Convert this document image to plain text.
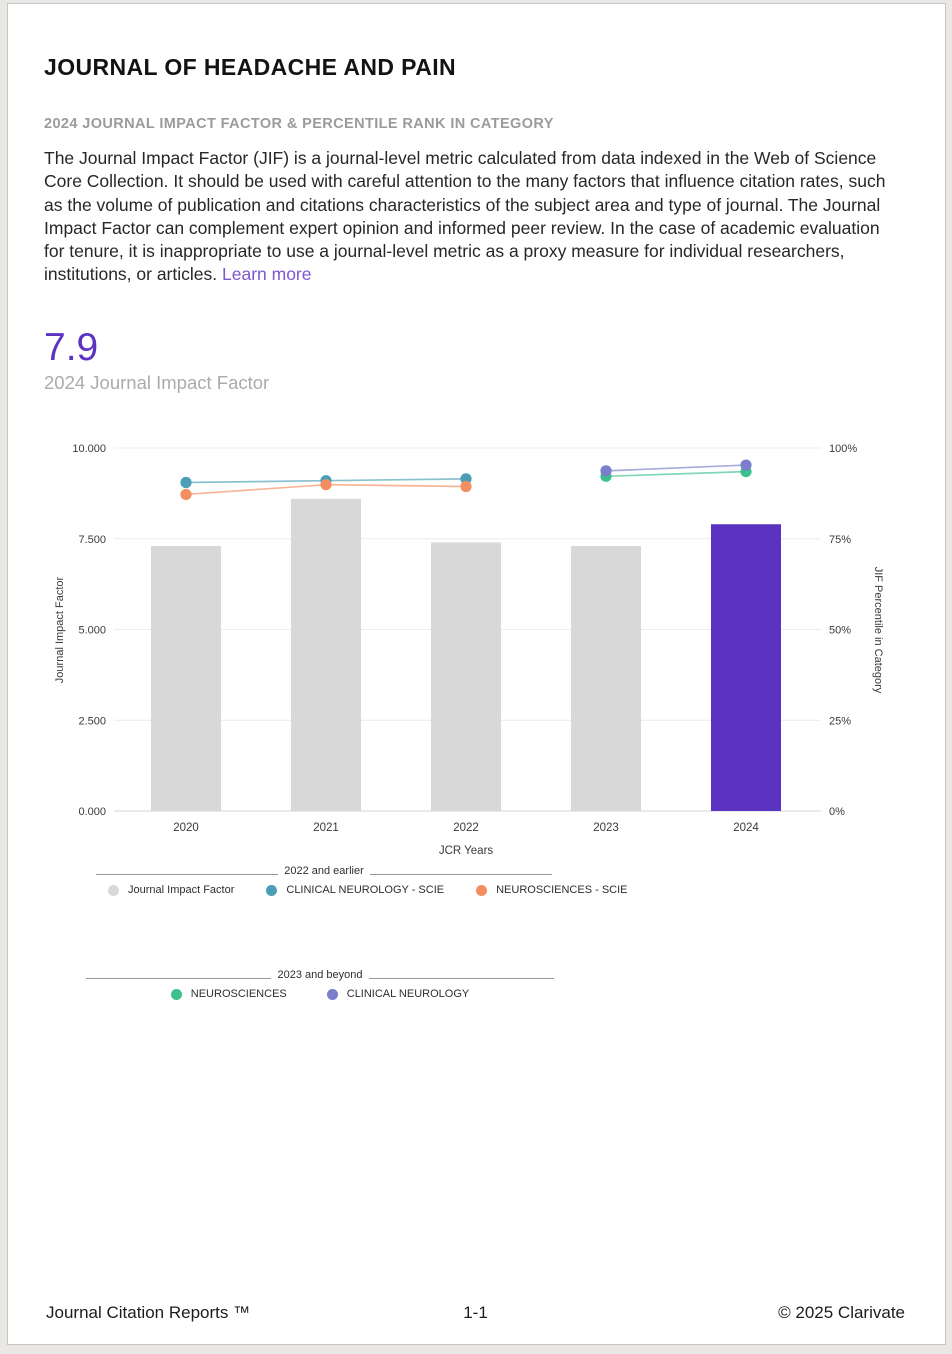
JOURNAL OF HEADACHE AND PAIN
2024 JOURNAL IMPACT FACTOR & PERCENTILE RANK IN CATEGORY

The Journal Impact Factor (JIF) is a journal-level metric calculated from data indexed in the Web of Science Core Collection. It should be used with careful attention to the many factors that influence citation rates, such as the volume of publication and citations characteristics of the subject area and type of journal. The Journal Impact Factor can complement expert opinion and informed peer review. In the case of academic evaluation for tenure, it is inappropriate to use a journal-level metric as a proxy measure for individual researchers, institutions, or articles. Learn more

7.9
2024 Journal Impact Factor
0.000	0%
2.500	25%
5.000	50%
7.500	75%
10.000	100%
Journal Impact Factor	JIF Percentile in Category
2020	2021	2022	2023	2024
JCR Years
2022 and earlier
Journal Impact Factor	CLINICAL NEUROLOGY - SCIE	NEUROSCIENCES - SCIE
2023 and beyond
NEUROSCIENCES	CLINICAL NEUROLOGY
Journal Citation Reports ™	1-1	© 2025 Clarivate
